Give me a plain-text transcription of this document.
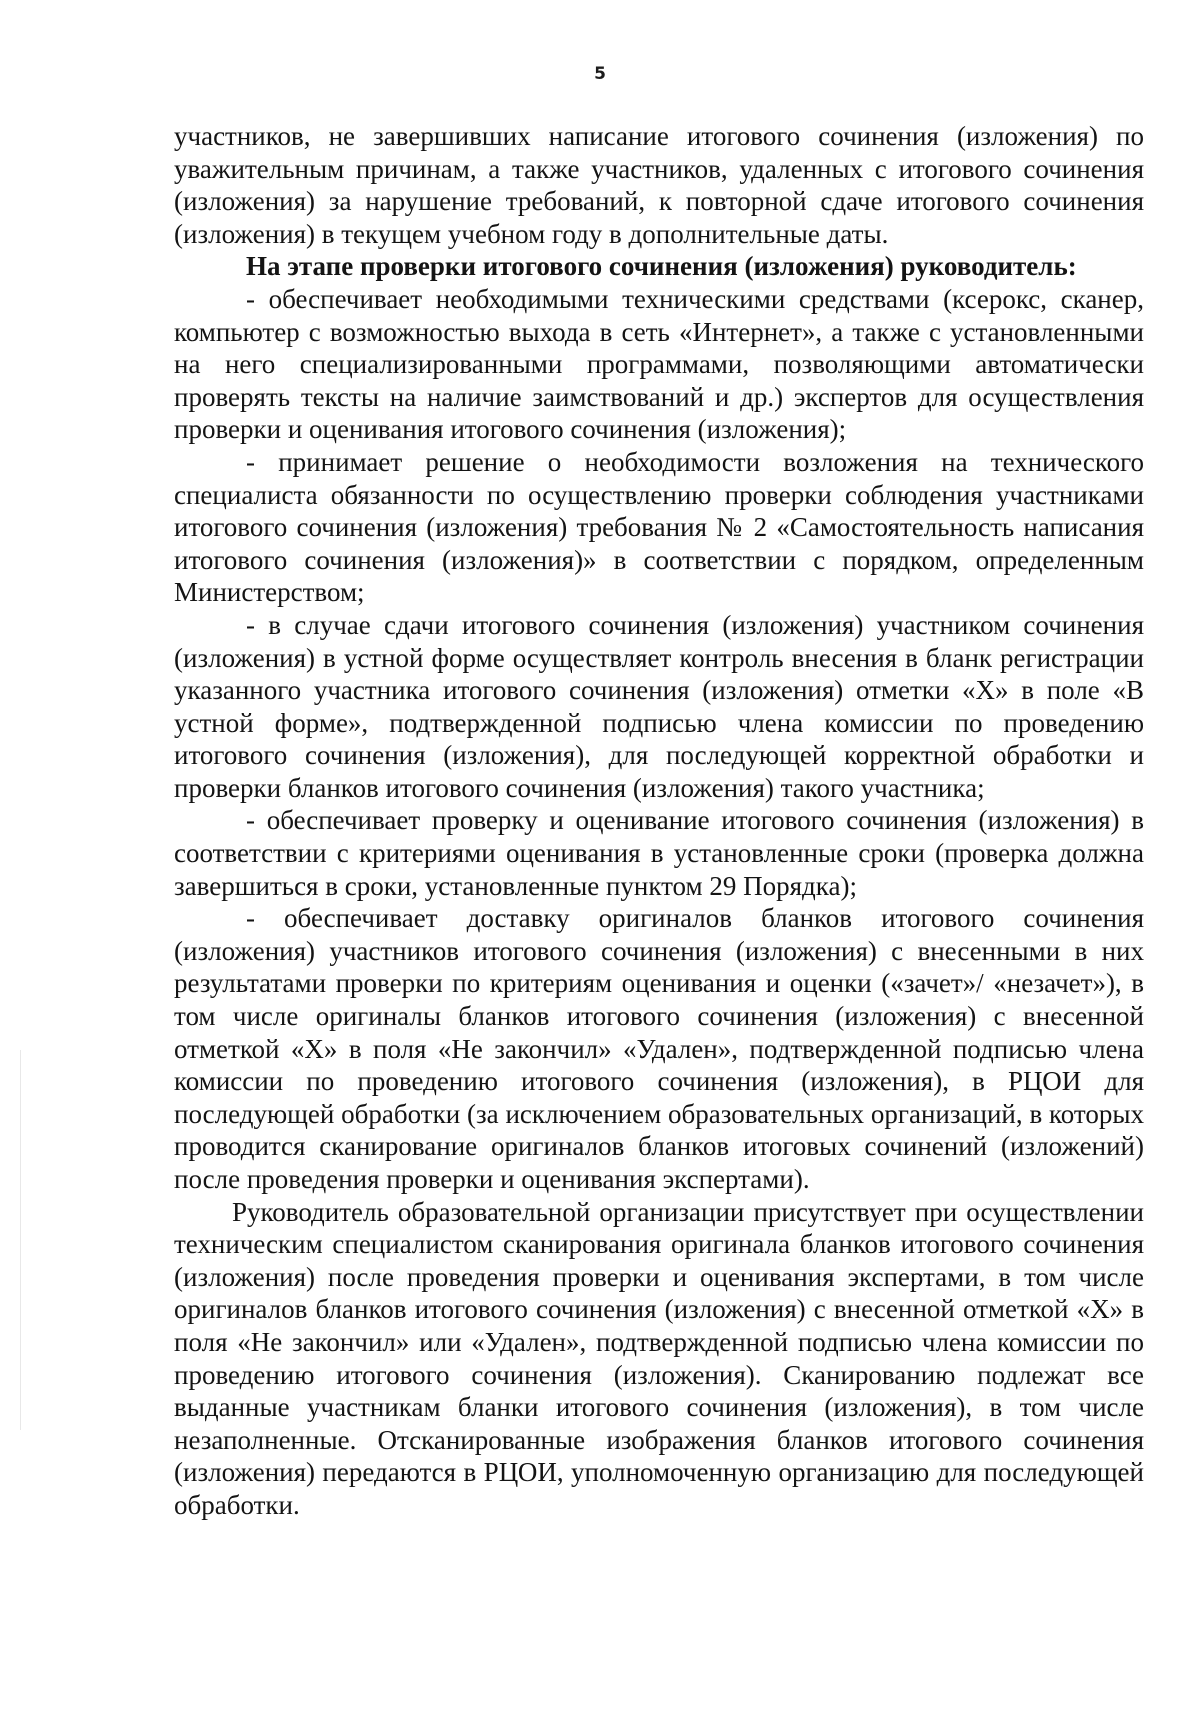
5

участников, не завершивших написание итогового сочинения (изложения) по уважительным причинам, а также участников, удаленных с итогового сочинения (изложения) за нарушение требований, к повторной сдаче итогового сочинения (изложения) в текущем учебном году в дополнительные даты.

На этапе проверки итогового сочинения (изложения) руководитель:

- обеспечивает необходимыми техническими средствами (ксерокс, сканер, компьютер с возможностью выхода в сеть «Интернет», а также с установленными на него специализированными программами, позволяющими автоматически проверять тексты на наличие заимствований и др.) экспертов для осуществления проверки и оценивания итогового сочинения (изложения);

- принимает решение о необходимости возложения на технического специалиста обязанности по осуществлению проверки соблюдения участниками итогового сочинения (изложения) требования № 2 «Самостоятельность написания итогового сочинения (изложения)» в соответствии с порядком, определенным Министерством;

- в случае сдачи итогового сочинения (изложения) участником сочинения (изложения) в устной форме осуществляет контроль внесения в бланк регистрации указанного участника итогового сочинения (изложения) отметки «Х» в поле «В устной форме», подтвержденной подписью члена комиссии по проведению итогового сочинения (изложения), для последующей корректной обработки и проверки бланков итогового сочинения (изложения) такого участника;

- обеспечивает проверку и оценивание итогового сочинения (изложения) в соответствии с критериями оценивания в установленные сроки (проверка должна завершиться в сроки, установленные пунктом 29 Порядка);

- обеспечивает доставку оригиналов бланков итогового сочинения (изложения) участников итогового сочинения (изложения) с внесенными в них результатами проверки по критериям оценивания и оценки («зачет»/ «незачет»), в том числе оригиналы бланков итогового сочинения (изложения) с внесенной отметкой «Х» в поля «Не закончил» «Удален», подтвержденной подписью члена комиссии по проведению итогового сочинения (изложения), в РЦОИ для последующей обработки (за исключением образовательных организаций, в которых проводится сканирование оригиналов бланков итоговых сочинений (изложений) после проведения проверки и оценивания экспертами).

Руководитель образовательной организации присутствует при осуществлении техническим специалистом сканирования оригинала бланков итогового сочинения (изложения) после проведения проверки и оценивания экспертами, в том числе оригиналов бланков итогового сочинения (изложения) с внесенной отметкой «Х» в поля «Не закончил» или «Удален», подтвержденной подписью члена комиссии по проведению итогового сочинения (изложения). Сканированию подлежат все выданные участникам бланки итогового сочинения (изложения), в том числе незаполненные. Отсканированные изображения бланков итогового сочинения (изложения) передаются в РЦОИ, уполномоченную организацию для последующей обработки.
